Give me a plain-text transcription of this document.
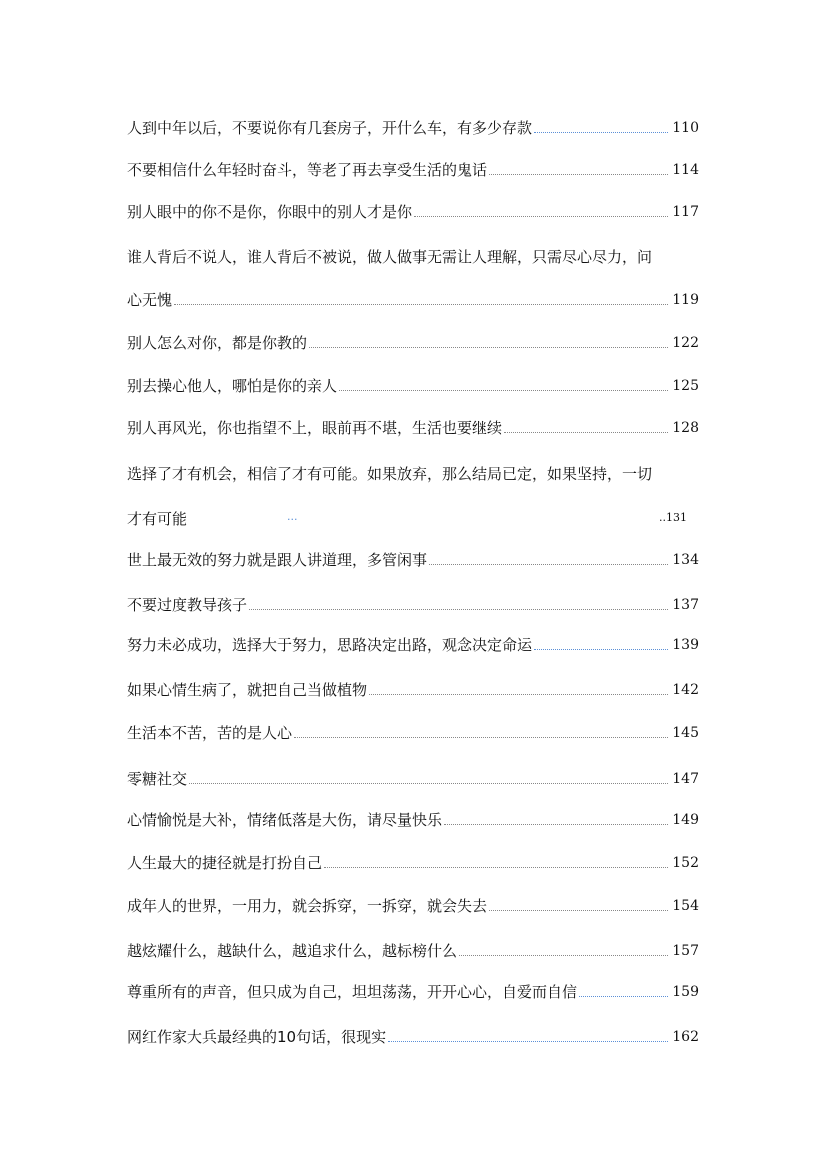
人到中年以后，不要说你有几套房子，开什么车，有多少存款	110
不要相信什么年轻时奋斗，等老了再去享受生活的鬼话	114
别人眼中的你不是你，你眼中的别人才是你	117
谁人背后不说人，谁人背后不被说，做人做事无需让人理解，只需尽心尽力，问
心无愧	119
别人怎么对你，都是你教的	122
别去操心他人，哪怕是你的亲人	125
别人再风光，你也指望不上，眼前再不堪，生活也要继续	128
选择了才有机会，相信了才有可能。如果放弃，那么结局已定，如果坚持，一切
才有可能	...	..131
世上最无效的努力就是跟人讲道理，多管闲事	134
不要过度教导孩子	137
努力未必成功，选择大于努力，思路决定出路，观念决定命运	139
如果心情生病了，就把自己当做植物	142
生活本不苦，苦的是人心	145
零糖社交	147
心情愉悦是大补，情绪低落是大伤，请尽量快乐	149
人生最大的捷径就是打扮自己	152
成年人的世界，一用力，就会拆穿，一拆穿，就会失去	154
越炫耀什么，越缺什么，越追求什么，越标榜什么	157
尊重所有的声音，但只成为自己，坦坦荡荡，开开心心，自爱而自信	159
网红作家大兵最经典的10句话，很现实	162
